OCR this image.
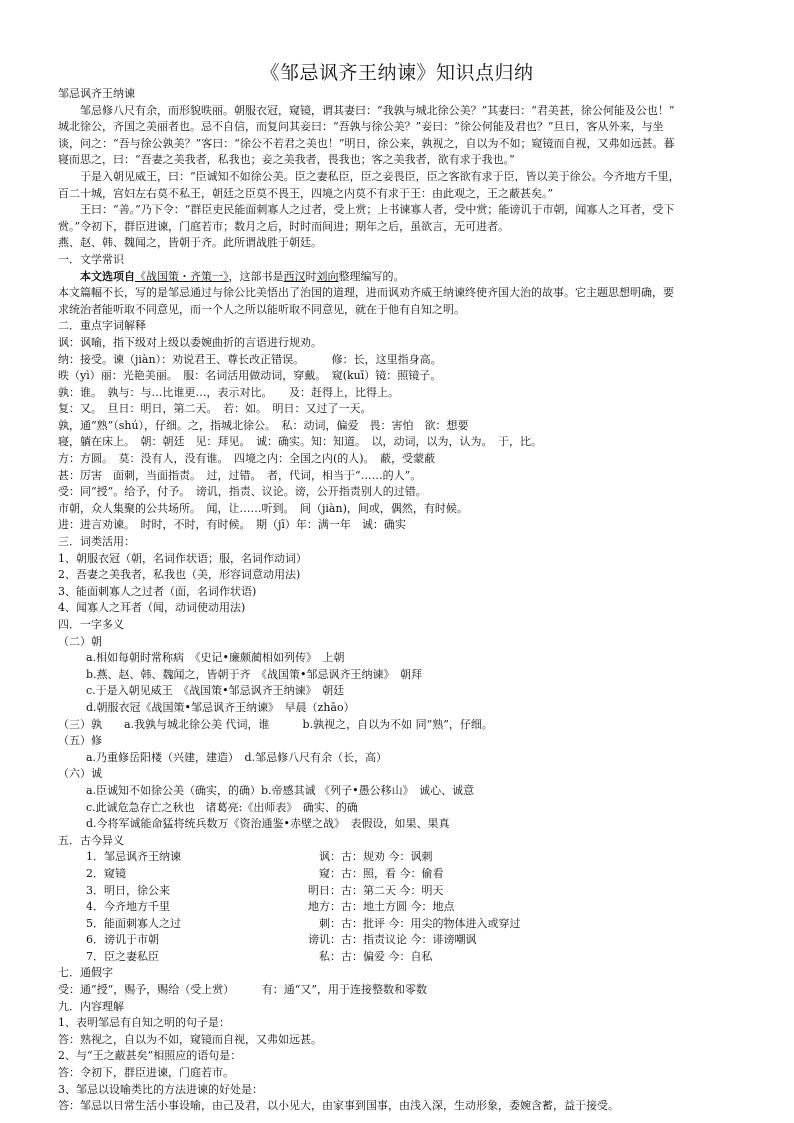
《邹忌讽齐王纳谏》知识点归纳
邹忌讽齐王纳谏
邹忌修八尺有余，而形貌昳丽。朝服衣冠，窥镜，谓其妻曰：“我孰与城北徐公美？”其妻曰：“君美甚，徐公何能及公也！”
城北徐公，齐国之美丽者也。忌不自信，而复问其妾曰：“吾孰与徐公美？”妾曰：“徐公何能及君也？”旦日，客从外来，与坐
谈，问之：“吾与徐公孰美？”客曰：“徐公不若君之美也！”明日，徐公来，孰视之，自以为不如；窥镜而自视，又弗如远甚。暮
寝而思之，曰：“吾妻之美我者，私我也；妾之美我者，畏我也；客之美我者，欲有求于我也。”
于是入朝见威王，曰：“臣诚知不如徐公美。臣之妻私臣，臣之妾畏臣，臣之客欲有求于臣，皆以美于徐公。今齐地方千里，
百二十城，宫妇左右莫不私王，朝廷之臣莫不畏王，四境之内莫不有求于王：由此观之，王之蔽甚矣。”
王曰：“善。”乃下令：“群臣吏民能面刺寡人之过者，受上赏；上书谏寡人者，受中赏；能谤讥于市朝，闻寡人之耳者，受下
赏。”令初下，群臣进谏，门庭若市；数月之后，时时而间进；期年之后，虽欲言，无可进者。
燕、赵、韩、魏闻之，皆朝于齐。此所谓战胜于朝廷。
一．文学常识
本文选项自《战国策・齐策一》，这部书是西汉时刘向整理编写的。
本文篇幅不长，写的是邹忌通过与徐公比美悟出了治国的道理，进而讽劝齐威王纳谏终使齐国大治的故事。它主题思想明确，要
求统治者能听取不同意见，而一个人之所以能听取不同意见，就在于他有自知之明。
二．重点字词解释
讽：讽喻，指下级对上级以委婉曲折的言语进行规劝。
纳：接受。谏（jiàn）：劝说君王、尊长改正错误。　　　修：长，这里指身高。
昳（yì）丽：光艳美丽。　服：名词活用做动词，穿戴。　窥(kuī）镜：照镜子。
孰：谁。　孰与：与…比谁更…，表示对比。　　及：赶得上，比得上。
复：又。　旦日：明日，第二天。　若：如。　明日：又过了一天。
孰，通“熟”（shú），仔细。之，指城北徐公。　私：动词，偏爱　畏：害怕　欲：想要
寝，躺在床上。　朝：朝廷　见：拜见。　诚：确实。知：知道。　以，动词，以为，认为。　于，比。
方：方圆。　莫：没有人，没有谁。　四境之内：全国之内(的人)。　蔽，受蒙蔽
甚：厉害　面刺，当面指责。　过，过错。　者，代词，相当于“……的人”。
受：同“授”。给予，付予。　谤讥，指责、议论。谤，公开指责别人的过错。
市朝，众人集聚的公共场所。　闻，让……听到。　间（jiàn)，间或，偶然，有时候。
进：进言劝谏。　时时，不时，有时候。　期（jī）年：满一年　诚：确实
三．词类活用：
1、朝服衣冠（朝，名词作状语；服，名词作动词）
2、吾妻之美我者，私我也（美，形容词意动用法)
3、能面刺寡人之过者（面，名词作状语)
4、闻寡人之耳者（闻，动词使动用法)
四．一字多义
（二）朝
a.相如每朝时常称病　《史记•廉颇蔺相如列传》　上朝
b.燕、赵、韩、魏闻之，皆朝于齐　《战国策•邹忌讽齐王纳谏》　朝拜
c.于是入朝见威王　《战国策•邹忌讽齐王纳谏》　朝廷
d.朝服衣冠《战国策•邹忌讽齐王纳谏》　早晨（zhāo）
（三）孰　　a.我孰与城北徐公美 代词，谁　　　b.孰视之，自以为不如 同“熟”，仔细。
（五）修
a.乃重修岳阳楼（兴建，建造）　d.邹忌修八尺有余（长，高）
（六）诚
a.臣诚知不如徐公美（确实，的确）b.帝感其诚 《列子•愚公移山》　诚心、诚意
c.此诚危急存亡之秋也　诸葛亮:《出师表》　确实、的确
d.今将军诚能命猛将统兵数万《资治通鉴•赤壁之战》　表假设，如果、果真
五．古今异义
1．邹忌讽齐王纳谏	讽：古：规劝 今：讽刺
2．窥镜	窥：古：照，看 今：偷看
3．明日，徐公来	明日：古：第二天 今：明天
4．今齐地方千里	地方：古：地土方圆 今：地点
5．能面刺寡人之过	刺：古：批评 今：用尖的物体进入或穿过
6．谤讥于市朝	谤讥：古：指责议论 今：诽谤嘲讽
7．臣之妻私臣	私：古：偏爱 今：自私
七．通假字
受：通”授“，赐予，赐给（受上赏）　　　有：通“又”，用于连接整数和零数
九．内容理解
1、表明邹忌有自知之明的句子是：
答：熟视之，自以为不如，窥镜而自视，又弗如远甚。
2、与“王之蔽甚矣”相照应的语句是：
答：令初下，群臣进谏，门庭若市。
3、邹忌以设喻类比的方法进谏的好处是：
答：邹忌以日常生活小事设喻，由己及君，以小见大，由家事到国事，由浅入深，生动形象，委婉含蓄，益于接受。
